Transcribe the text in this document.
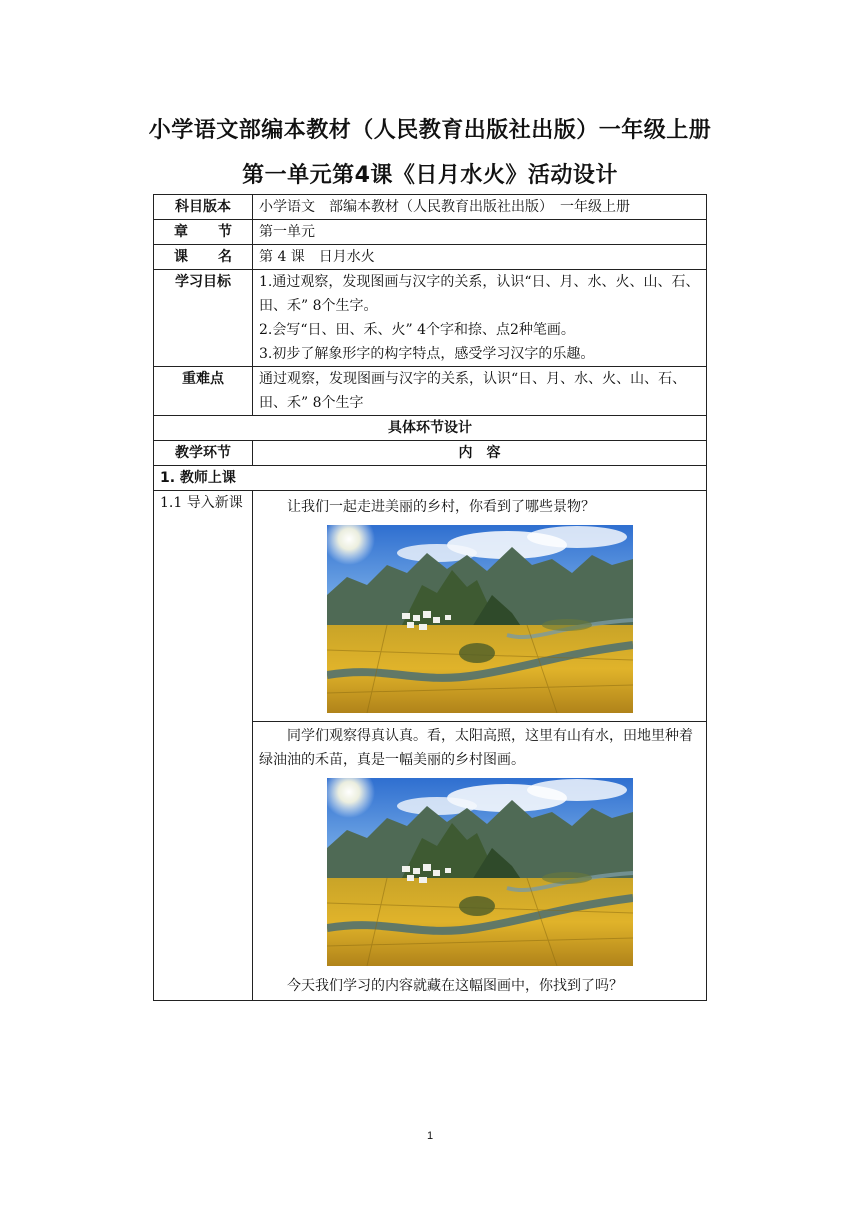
小学语文部编本教材（人民教育出版社出版）一年级上册
第一单元第4课《日月水火》活动设计
科目版本	小学语文　部编本教材（人民教育出版社出版）　一年级上册

章 节	第一单元

课 名	第 4 课　日月水火
学习目标	1.通过观察，发现图画与汉字的关系，认识“日、月、水、火、山、石、田、禾” 8个生字。
2.会写“日、田、禾、火” 4个字和捺、点2种笔画。
3.初步了解象形字的构字特点，感受学习汉字的乐趣。

重难点	通过观察，发现图画与汉字的关系，认识“日、月、水、火、山、石、田、禾” 8个生字
具体环节设计	
教学环节	内　容
1. 教师上课	
1.1 导入新课	让我们一起走进美丽的乡村，你看到了哪些景物？

	同学们观察得真认真。看，太阳高照，这里有山有水，田地里种着绿油油的禾苗，真是一幅美丽的乡村图画。
今天我们学习的内容就藏在这幅图画中，你找到了吗？
1
